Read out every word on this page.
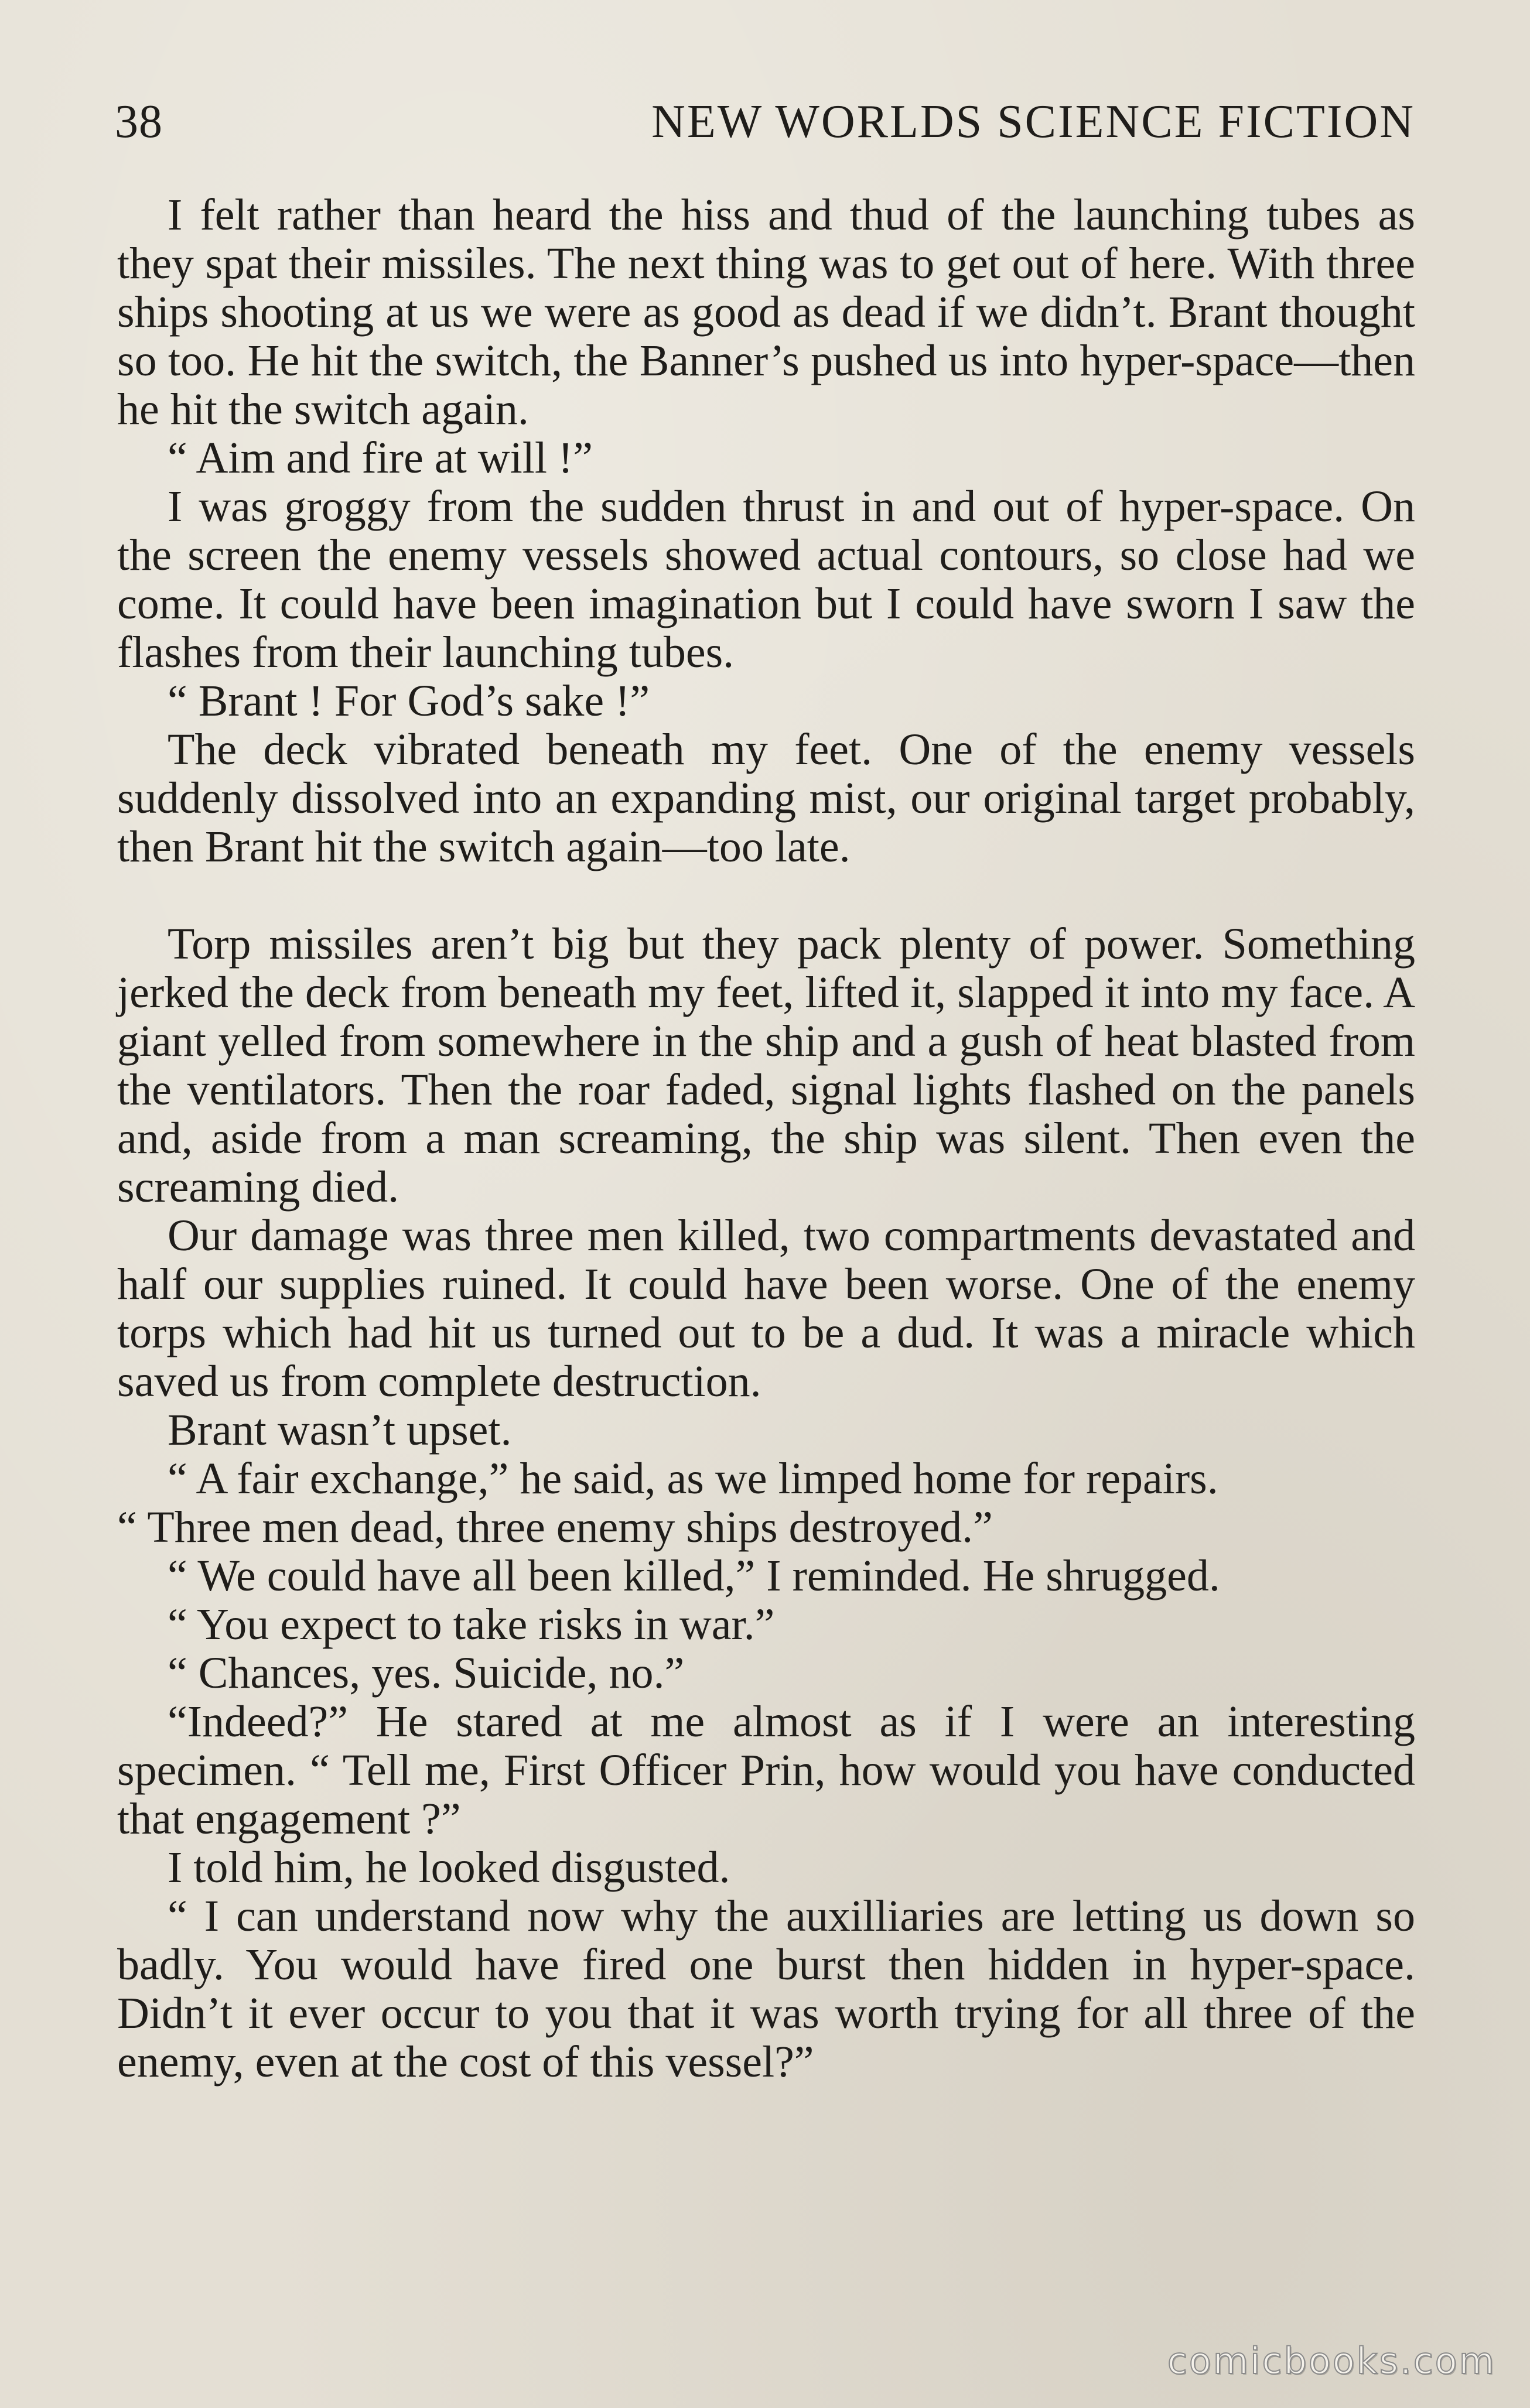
38	NEW WORLDS SCIENCE FICTION

I felt rather than heard the hiss and thud of the launching tubes as they spat their missiles. The next thing was to get out of here. With three ships shooting at us we were as good as dead if we didn’t. Brant thought so too. He hit the switch, the Banner’s pushed us into hyper-space—then he hit the switch again.

“ Aim and fire at will !”

I was groggy from the sudden thrust in and out of hyper-space. On the screen the enemy vessels showed actual contours, so close had we come. It could have been imagination but I could have sworn I saw the flashes from their launching tubes.

“ Brant ! For God’s sake !”

The deck vibrated beneath my feet. One of the enemy vessels suddenly dissolved into an expanding mist, our original target probably, then Brant hit the switch again—too late.

Torp missiles aren’t big but they pack plenty of power. Something jerked the deck from beneath my feet, lifted it, slapped it into my face. A giant yelled from somewhere in the ship and a gush of heat blasted from the ventilators. Then the roar faded, signal lights flashed on the panels and, aside from a man screaming, the ship was silent. Then even the screaming died.

Our damage was three men killed, two compartments devastated and half our supplies ruined. It could have been worse. One of the enemy torps which had hit us turned out to be a dud. It was a miracle which saved us from complete destruction.

Brant wasn’t upset.

“ A fair exchange,” he said, as we limped home for repairs.

“ Three men dead, three enemy ships destroyed.”

“ We could have all been killed,” I reminded. He shrugged.

“ You expect to take risks in war.”

“ Chances, yes. Suicide, no.”

“Indeed?” He stared at me almost as if I were an interesting specimen. “ Tell me, First Officer Prin, how would you have conducted that engagement ?”

I told him, he looked disgusted.

“ I can understand now why the auxilliaries are letting us down so badly. You would have fired one burst then hidden in hyper-space. Didn’t it ever occur to you that it was worth trying for all three of the enemy, even at the cost of this vessel?”

comicbooks.com
